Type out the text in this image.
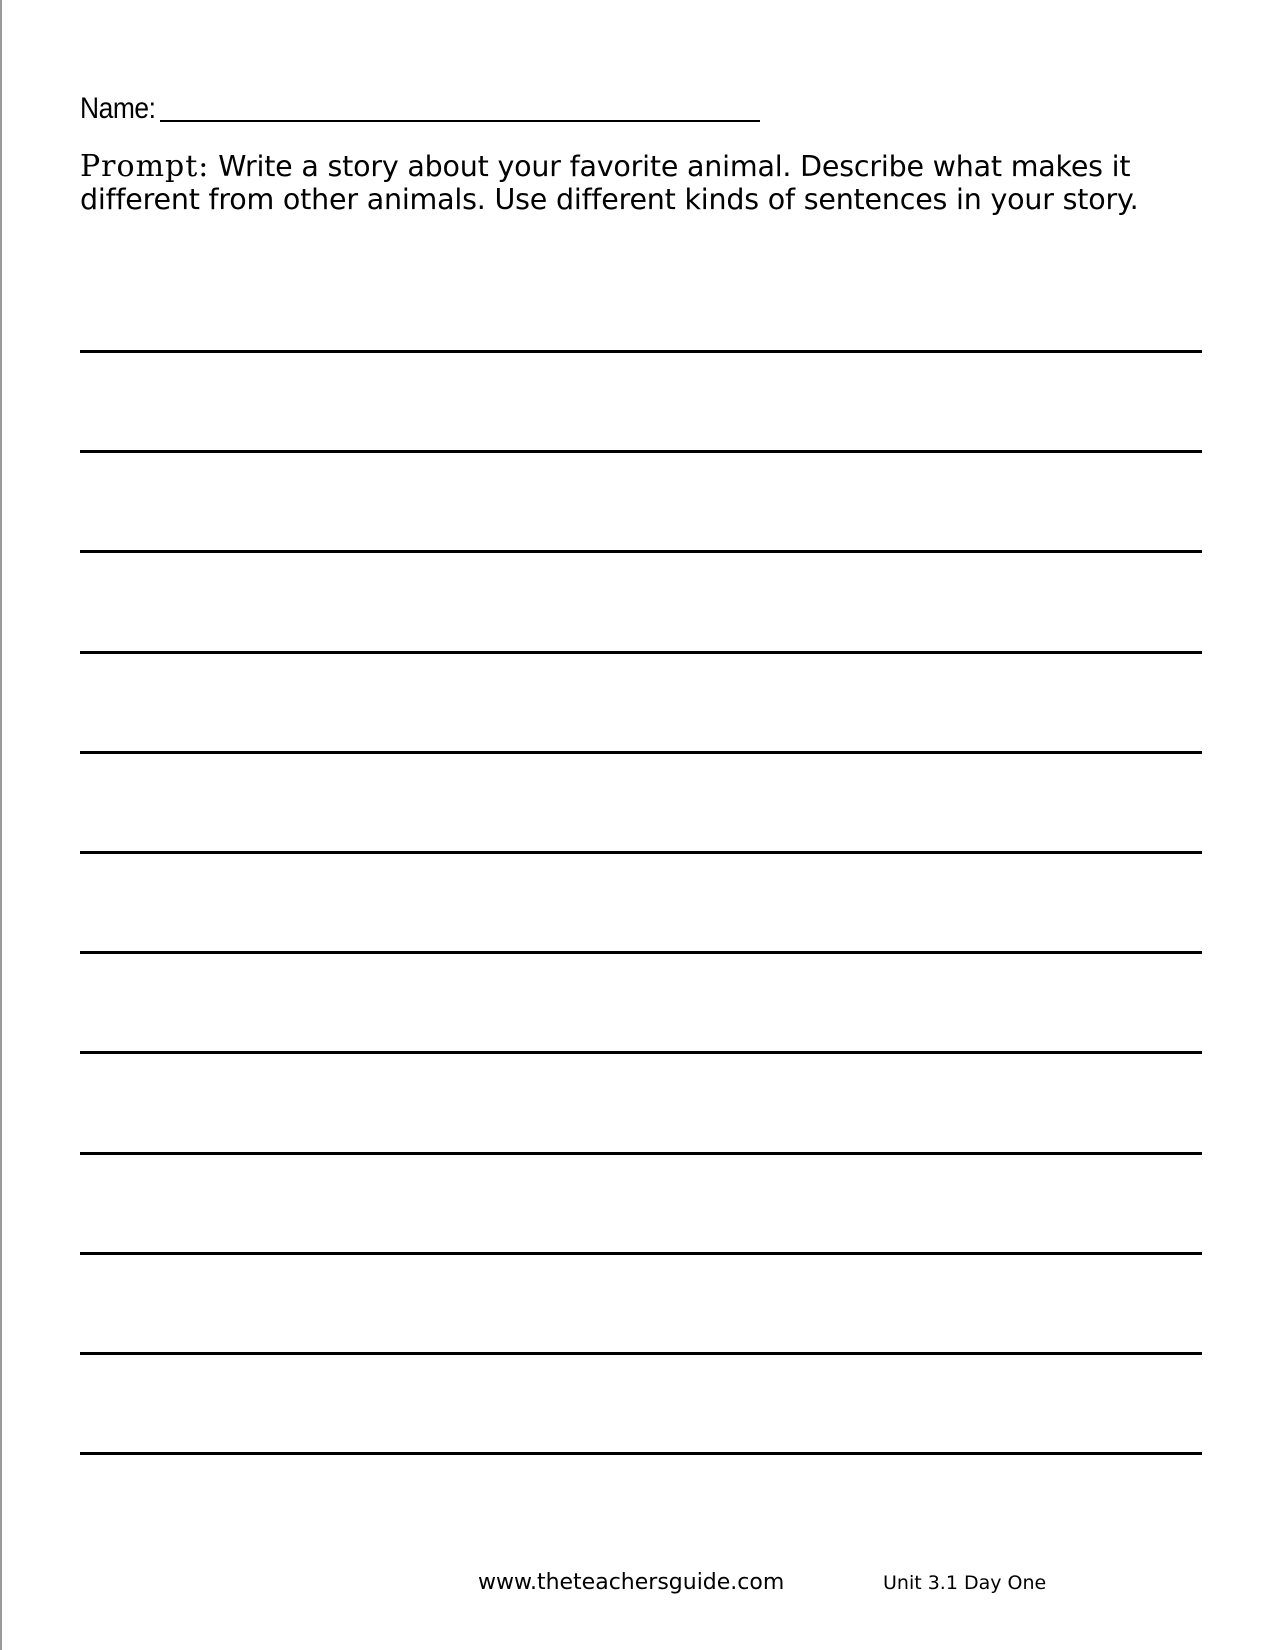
Name:
Prompt: Write a story about your favorite animal. Describe what makes it different from other animals. Use different kinds of sentences in your story.
www.theteachersguide.com	Unit 3.1 Day One
